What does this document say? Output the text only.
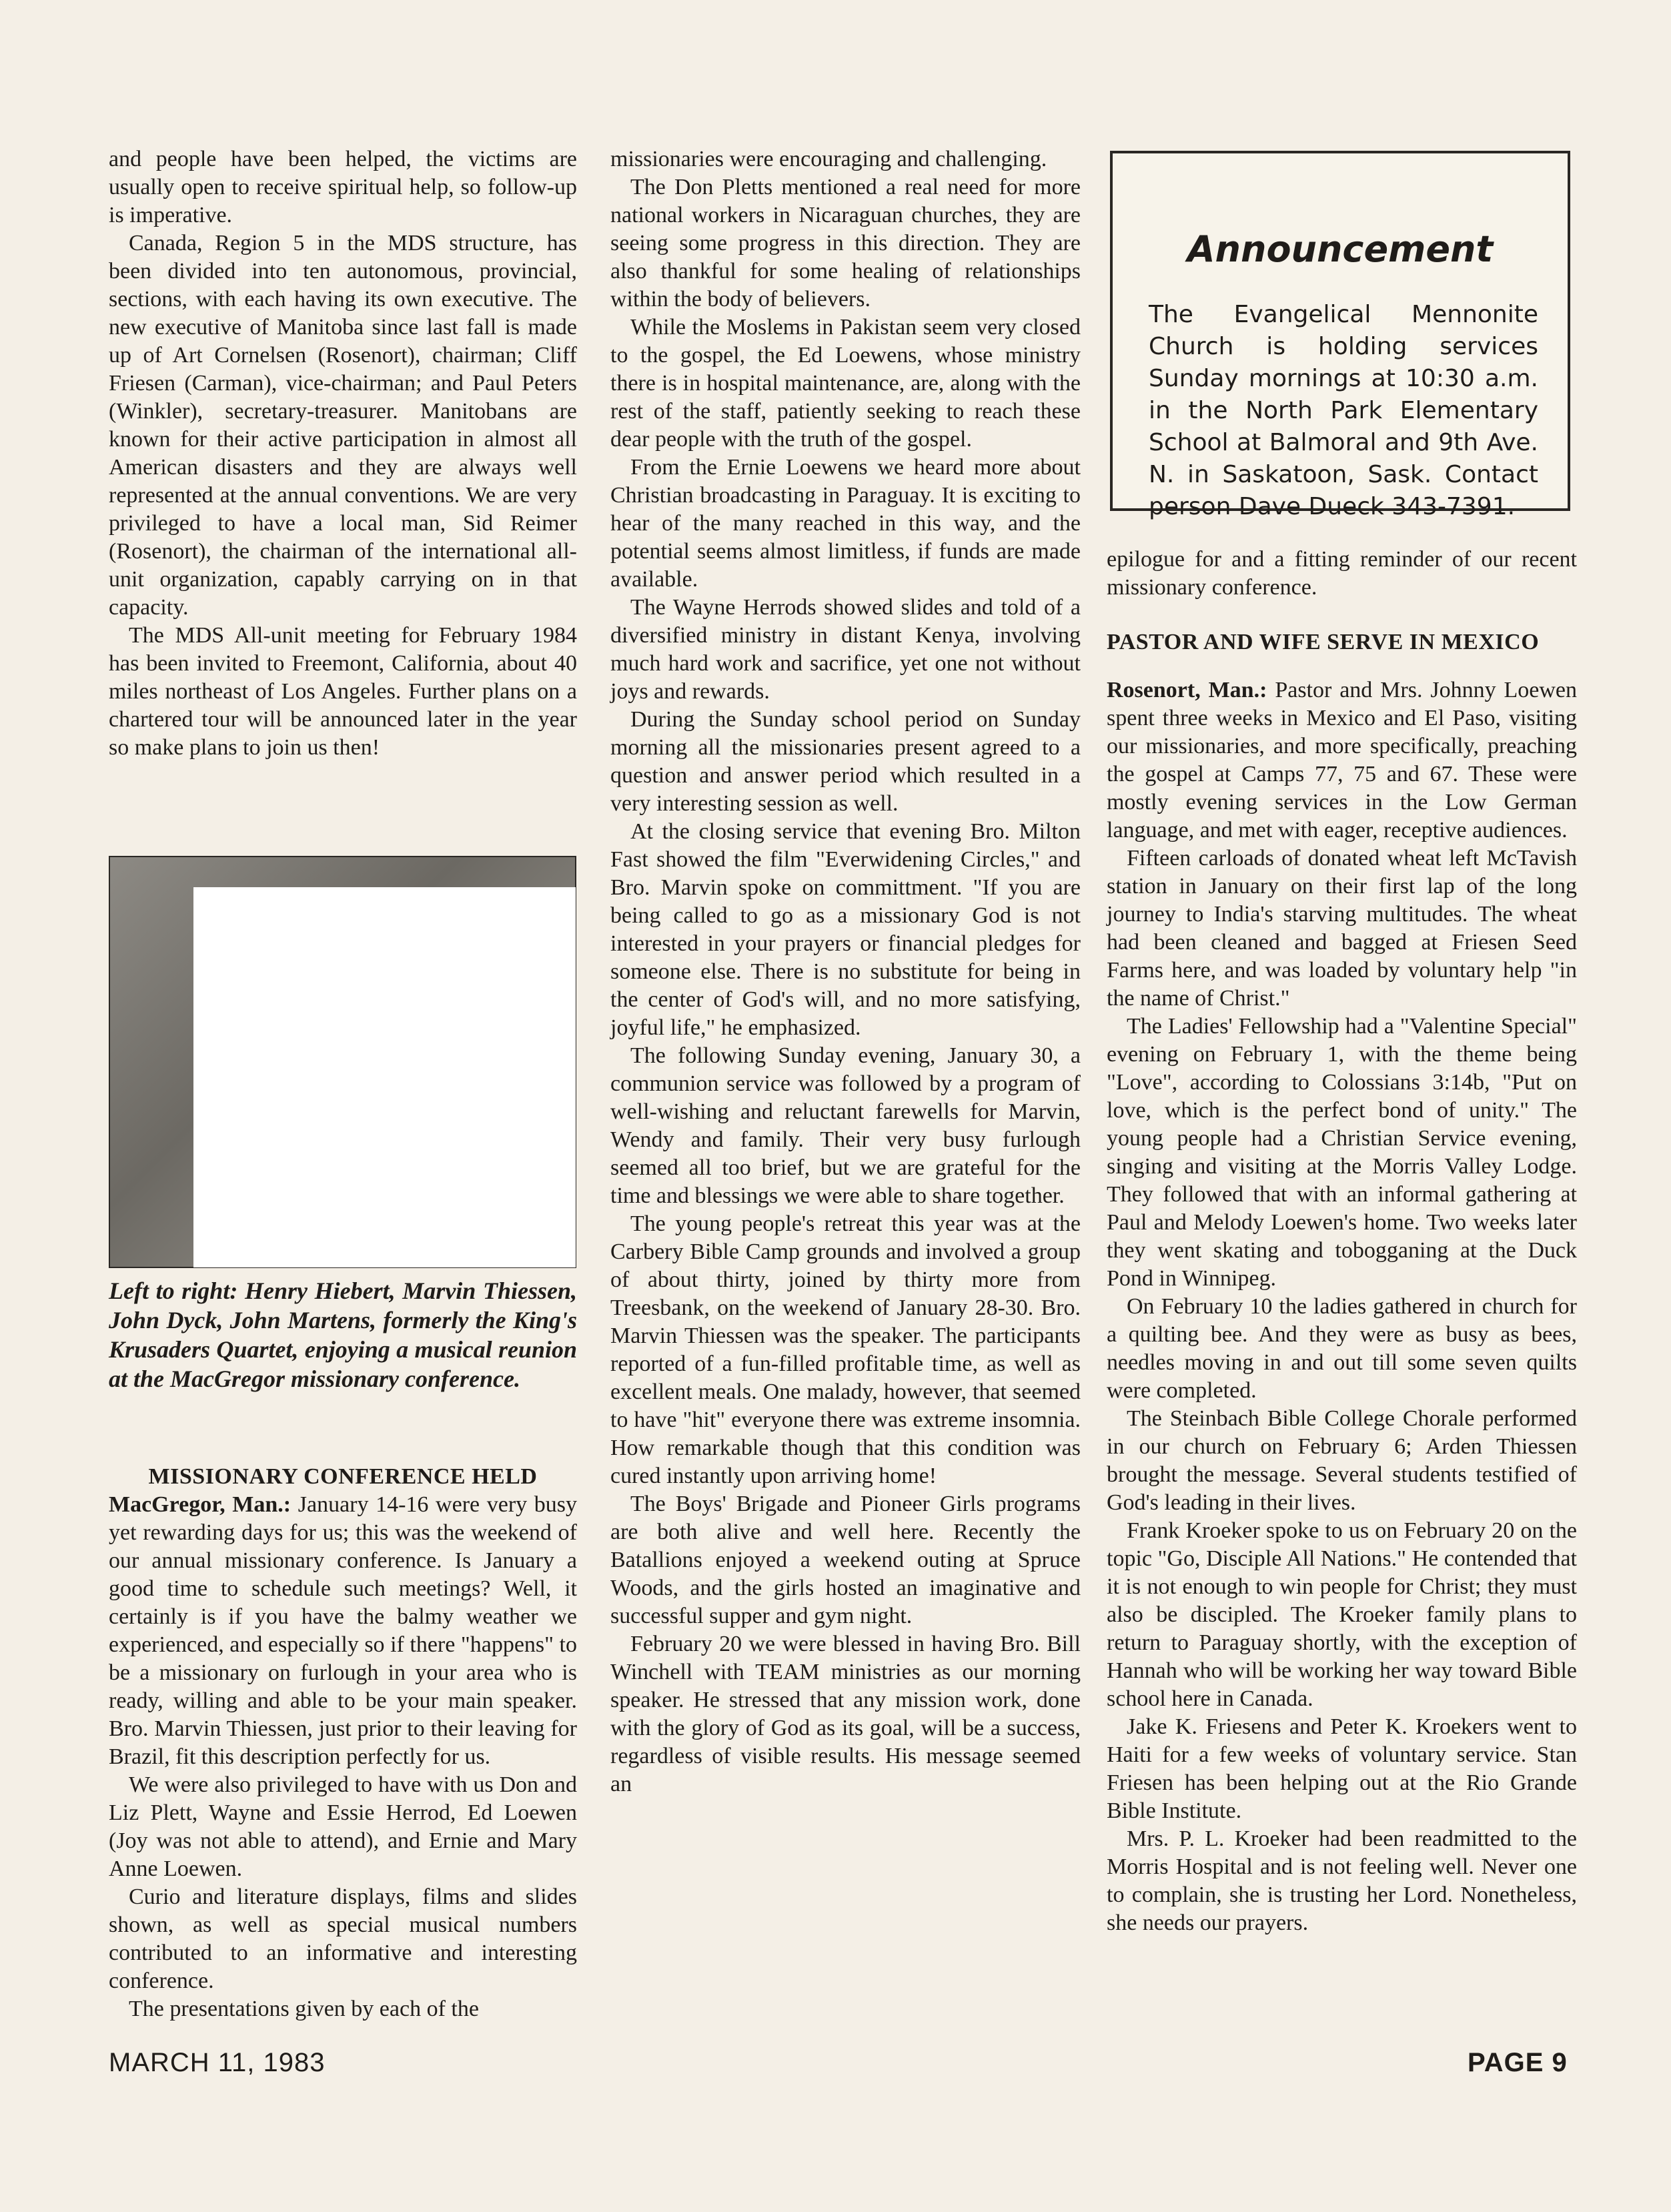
and people have been helped, the victims are usually open to receive spiritual help, so follow-up is imperative.

Canada, Region 5 in the MDS structure, has been divided into ten autonomous, provincial, sections, with each having its own executive. The new executive of Manitoba since last fall is made up of Art Cornelsen (Rosenort), chairman; Cliff Friesen (Carman), vice-chairman; and Paul Peters (Winkler), secretary-treasurer. Manitobans are known for their active participation in almost all American disasters and they are always well represented at the annual conventions. We are very privileged to have a local man, Sid Reimer (Rosenort), the chairman of the international all-unit organization, capably carrying on in that capacity.

The MDS All-unit meeting for February 1984 has been invited to Freemont, California, about 40 miles northeast of Los Angeles. Further plans on a chartered tour will be announced later in the year so make plans to join us then!

Left to right: Henry Hiebert, Marvin Thiessen, John Dyck, John Martens, formerly the King's Krusaders Quartet, enjoying a musical reunion at the MacGregor missionary conference.

MISSIONARY CONFERENCE HELD

MacGregor, Man.: January 14-16 were very busy yet rewarding days for us; this was the weekend of our annual missionary conference. Is January a good time to schedule such meetings? Well, it certainly is if you have the balmy weather we experienced, and especially so if there "happens" to be a missionary on furlough in your area who is ready, willing and able to be your main speaker. Bro. Marvin Thiessen, just prior to their leaving for Brazil, fit this description perfectly for us.

We were also privileged to have with us Don and Liz Plett, Wayne and Essie Herrod, Ed Loewen (Joy was not able to attend), and Ernie and Mary Anne Loewen.

Curio and literature displays, films and slides shown, as well as special musical numbers contributed to an informative and interesting conference.

The presentations given by each of the

missionaries were encouraging and challenging.

The Don Pletts mentioned a real need for more national workers in Nicaraguan churches, they are seeing some progress in this direction. They are also thankful for some healing of relationships within the body of believers.

While the Moslems in Pakistan seem very closed to the gospel, the Ed Loewens, whose ministry there is in hospital maintenance, are, along with the rest of the staff, patiently seeking to reach these dear people with the truth of the gospel.

From the Ernie Loewens we heard more about Christian broadcasting in Paraguay. It is exciting to hear of the many reached in this way, and the potential seems almost limitless, if funds are made available.

The Wayne Herrods showed slides and told of a diversified ministry in distant Kenya, involving much hard work and sacrifice, yet one not without joys and rewards.

During the Sunday school period on Sunday morning all the missionaries present agreed to a question and answer period which resulted in a very interesting session as well.

At the closing service that evening Bro. Milton Fast showed the film "Everwidening Circles," and Bro. Marvin spoke on committment. "If you are being called to go as a missionary God is not interested in your prayers or financial pledges for someone else. There is no substitute for being in the center of God's will, and no more satisfying, joyful life," he emphasized.

The following Sunday evening, January 30, a communion service was followed by a program of well-wishing and reluctant farewells for Marvin, Wendy and family. Their very busy furlough seemed all too brief, but we are grateful for the time and blessings we were able to share together.

The young people's retreat this year was at the Carbery Bible Camp grounds and involved a group of about thirty, joined by thirty more from Treesbank, on the weekend of January 28-30. Bro. Marvin Thiessen was the speaker. The participants reported of a fun-filled profitable time, as well as excellent meals. One malady, however, that seemed to have "hit" everyone there was extreme insomnia. How remarkable though that this condition was cured instantly upon arriving home!

The Boys' Brigade and Pioneer Girls programs are both alive and well here. Recently the Batallions enjoyed a weekend outing at Spruce Woods, and the girls hosted an imaginative and successful supper and gym night.

February 20 we were blessed in having Bro. Bill Winchell with TEAM ministries as our morning speaker. He stressed that any mission work, done with the glory of God as its goal, will be a success, regardless of visible results. His message seemed an

Announcement
The Evangelical Mennonite Church is holding services Sunday mornings at 10:30 a.m. in the North Park Elementary School at Balmoral and 9th Ave. N. in Saskatoon, Sask. Contact person Dave Dueck 343-7391.

epilogue for and a fitting reminder of our recent missionary conference.

PASTOR AND WIFE SERVE IN MEXICO

Rosenort, Man.: Pastor and Mrs. Johnny Loewen spent three weeks in Mexico and El Paso, visiting our missionaries, and more specifically, preaching the gospel at Camps 77, 75 and 67. These were mostly evening services in the Low German language, and met with eager, receptive audiences.

Fifteen carloads of donated wheat left McTavish station in January on their first lap of the long journey to India's starving multitudes. The wheat had been cleaned and bagged at Friesen Seed Farms here, and was loaded by voluntary help "in the name of Christ."

The Ladies' Fellowship had a "Valentine Special" evening on February 1, with the theme being "Love", according to Colossians 3:14b, "Put on love, which is the perfect bond of unity." The young people had a Christian Service evening, singing and visiting at the Morris Valley Lodge. They followed that with an informal gathering at Paul and Melody Loewen's home. Two weeks later they went skating and tobogganing at the Duck Pond in Winnipeg.

On February 10 the ladies gathered in church for a quilting bee. And they were as busy as bees, needles moving in and out till some seven quilts were completed.

The Steinbach Bible College Chorale performed in our church on February 6; Arden Thiessen brought the message. Several students testified of God's leading in their lives.

Frank Kroeker spoke to us on February 20 on the topic "Go, Disciple All Nations." He contended that it is not enough to win people for Christ; they must also be discipled. The Kroeker family plans to return to Paraguay shortly, with the exception of Hannah who will be working her way toward Bible school here in Canada.

Jake K. Friesens and Peter K. Kroekers went to Haiti for a few weeks of voluntary service. Stan Friesen has been helping out at the Rio Grande Bible Institute.

Mrs. P. L. Kroeker had been readmitted to the Morris Hospital and is not feeling well. Never one to complain, she is trusting her Lord. Nonetheless, she needs our prayers.

MARCH 11, 1983	PAGE 9
